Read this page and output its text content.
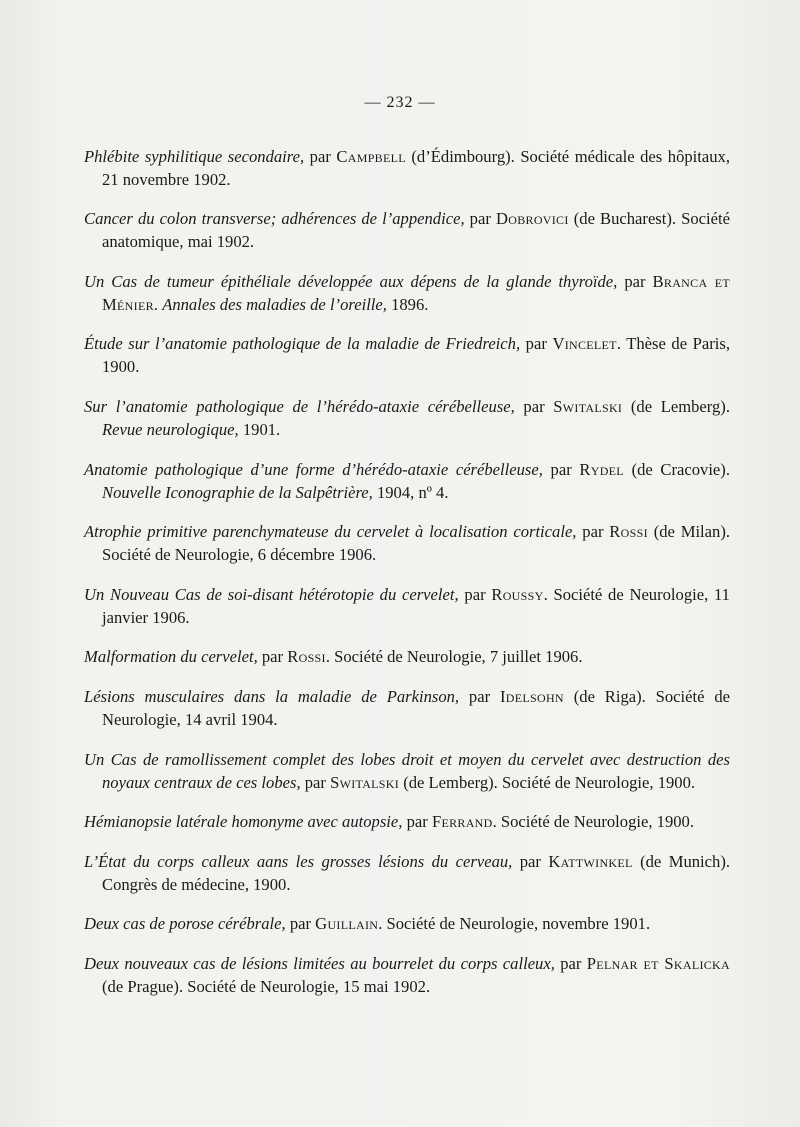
— 232 —

Phlébite syphilitique secondaire, par Campbell (d’Édimbourg). Société médicale des hôpitaux, 21 novembre 1902.

Cancer du colon transverse; adhérences de l’appendice, par Dobrovici (de Bucharest). Société anatomique, mai 1902.

Un Cas de tumeur épithéliale développée aux dépens de la glande thyroïde, par Branca et Ménier. Annales des maladies de l’oreille, 1896.

Étude sur l’anatomie pathologique de la maladie de Friedreich, par Vincelet. Thèse de Paris, 1900.

Sur l’anatomie pathologique de l’hérédo-ataxie cérébelleuse, par Switalski (de Lemberg). Revue neurologique, 1901.

Anatomie pathologique d’une forme d’hérédo-ataxie cérébelleuse, par Rydel (de Cracovie). Nouvelle Iconographie de la Salpêtrière, 1904, nº 4.

Atrophie primitive parenchymateuse du cervelet à localisation corticale, par Rossi (de Milan). Société de Neurologie, 6 décembre 1906.

Un Nouveau Cas de soi-disant hétérotopie du cervelet, par Roussy. Société de Neurologie, 11 janvier 1906.

Malformation du cervelet, par Rossi. Société de Neurologie, 7 juillet 1906.

Lésions musculaires dans la maladie de Parkinson, par Idelsohn (de Riga). Société de Neurologie, 14 avril 1904.

Un Cas de ramollissement complet des lobes droit et moyen du cervelet avec destruction des noyaux centraux de ces lobes, par Switalski (de Lemberg). Société de Neurologie, 1900.

Hémianopsie latérale homonyme avec autopsie, par Ferrand. Société de Neurologie, 1900.

L’État du corps calleux aans les grosses lésions du cerveau, par Kattwinkel (de Munich). Congrès de médecine, 1900.

Deux cas de porose cérébrale, par Guillain. Société de Neurologie, novembre 1901.

Deux nouveaux cas de lésions limitées au bourrelet du corps calleux, par Pelnar et Skalicka (de Prague). Société de Neurologie, 15 mai 1902.
